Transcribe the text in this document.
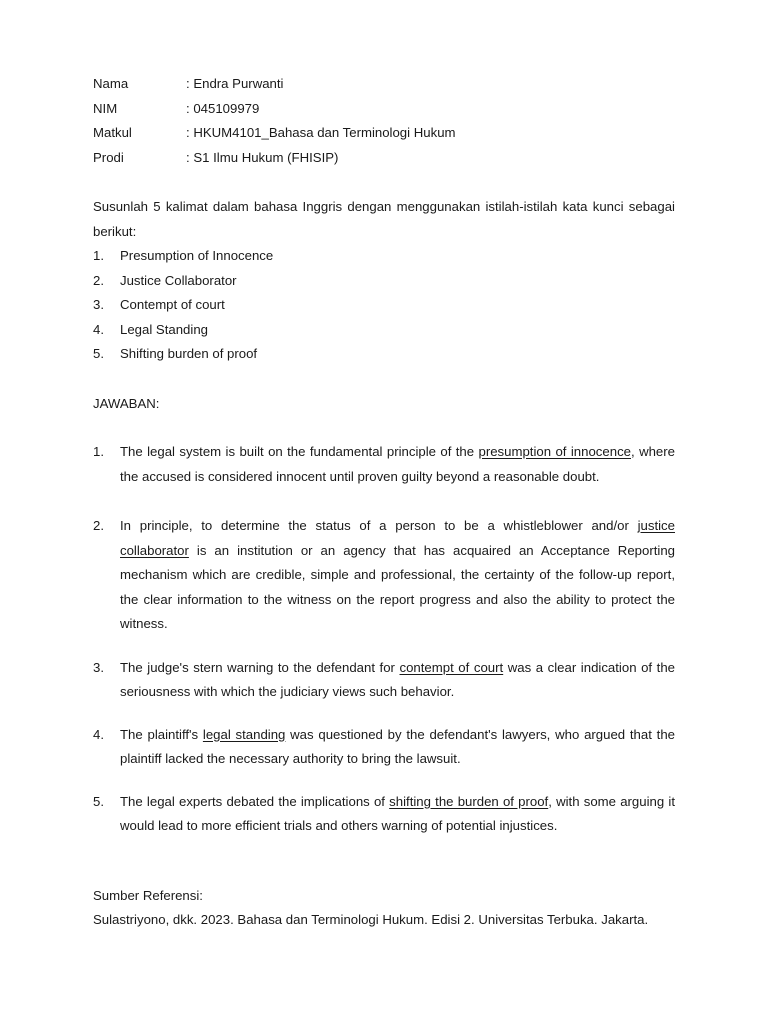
Nama	: Endra Purwanti
NIM	: 045109979
Matkul	: HKUM4101_Bahasa dan Terminologi Hukum
Prodi	: S1 Ilmu Hukum (FHISIP)
Susunlah 5 kalimat dalam bahasa Inggris dengan menggunakan istilah-istilah kata kunci sebagai berikut:
1.	Presumption of Innocence
2.	Justice Collaborator
3.	Contempt of court
4.	Legal Standing
5.	Shifting burden of proof
JAWABAN:
1.	The legal system is built on the fundamental principle of the presumption of innocence, where the accused is considered innocent until proven guilty beyond a reasonable doubt.
2.	In principle, to determine the status of a person to be a whistleblower and/or justice collaborator is an institution or an agency that has acquaired an Acceptance Reporting mechanism which are credible, simple and professional, the certainty of the follow-up report, the clear information to the witness on the report progress and also the ability to protect the witness.
3.	The judge's stern warning to the defendant for contempt of court was a clear indication of the seriousness with which the judiciary views such behavior.
4.	The plaintiff's legal standing was questioned by the defendant's lawyers, who argued that the plaintiff lacked the necessary authority to bring the lawsuit.
5.	The legal experts debated the implications of shifting the burden of proof, with some arguing it would lead to more efficient trials and others warning of potential injustices.
Sumber Referensi:
Sulastriyono, dkk. 2023. Bahasa dan Terminologi Hukum. Edisi 2. Universitas Terbuka. Jakarta.
